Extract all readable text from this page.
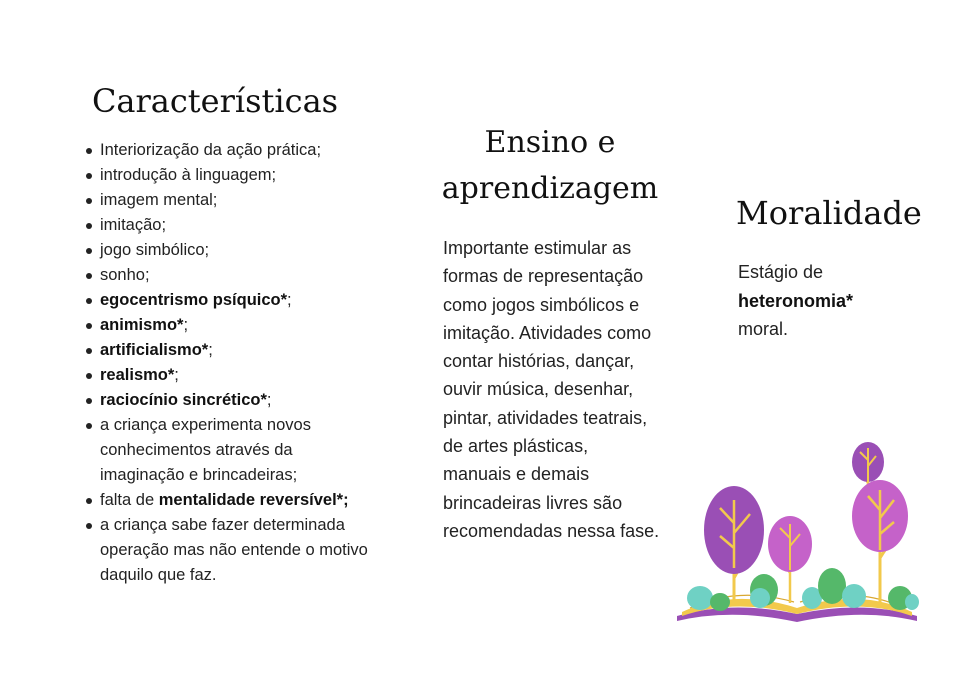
Características
Interiorização da ação prática;
introdução à linguagem;
imagem mental;
imitação;
jogo simbólico;
sonho;
egocentrismo psíquico*;
animismo*;
artificialismo*;
realismo*;
raciocínio sincrético*;
a criança experimenta novos conhecimentos através da imaginação e brincadeiras;
falta de mentalidade reversível*;
a criança sabe fazer determinada operação mas não entende o motivo daquilo que faz.
Ensino e aprendizagem

Importante estimular as formas de representação como jogos simbólicos e imitação. Atividades como contar histórias, dançar, ouvir música, desenhar, pintar, atividades teatrais, de artes plásticas, manuais e demais brincadeiras livres são recomendadas nessa fase.

Moralidade

Estágio de
heteronomia*
moral.
